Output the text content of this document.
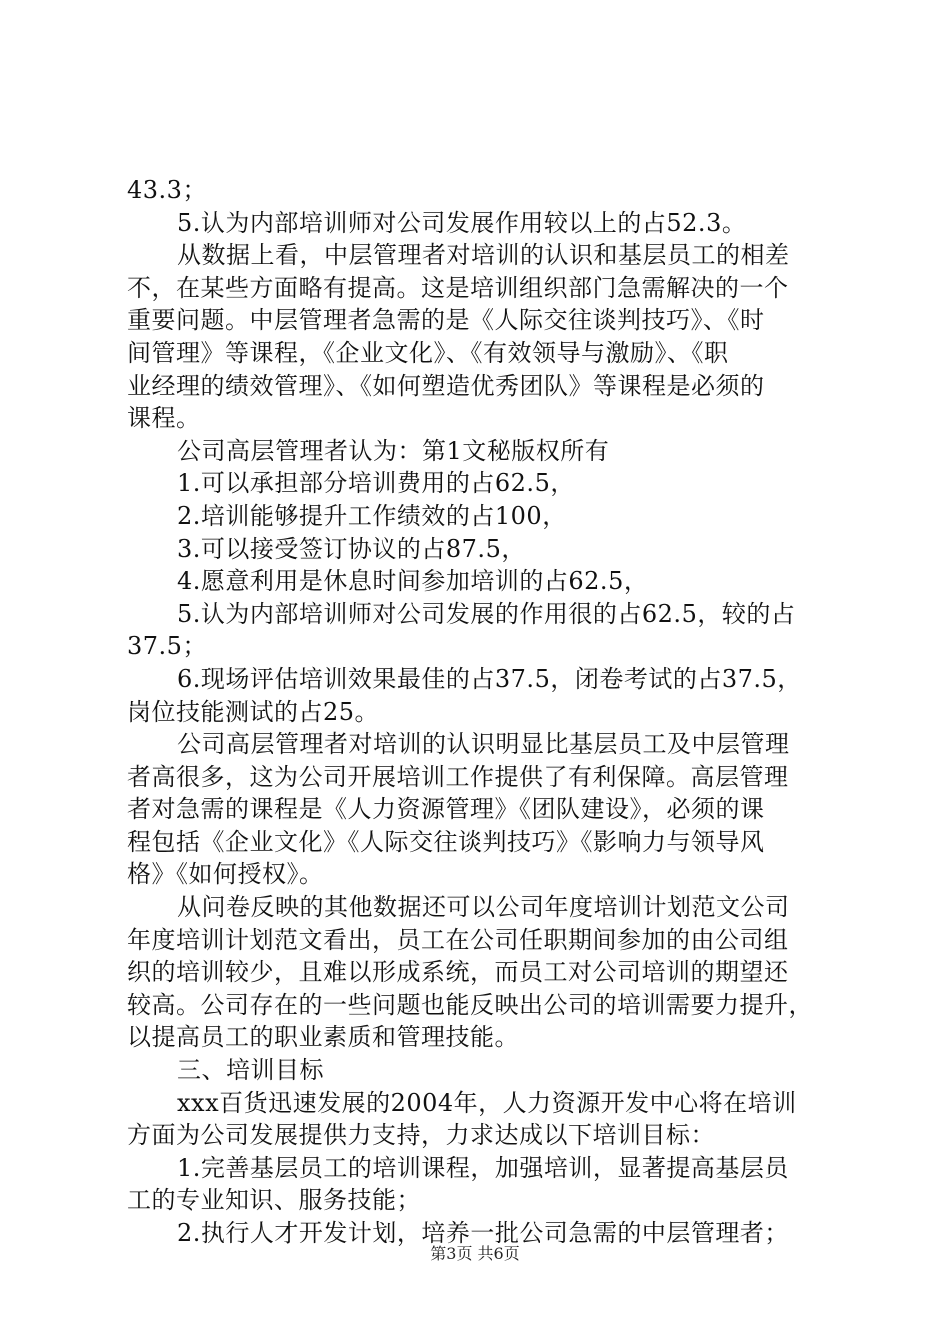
43.3；
5.认为内部培训师对公司发展作用较以上的占52.3。
从数据上看，中层管理者对培训的认识和基层员工的相差
不，在某些方面略有提高。这是培训组织部门急需解决的一个
重要问题。中层管理者急需的是《人际交往谈判技巧》、《时
间管理》等课程，《企业文化》、《有效领导与激励》、《职
业经理的绩效管理》、《如何塑造优秀团队》等课程是必须的
课程。
公司高层管理者认为：第1文秘版权所有
1.可以承担部分培训费用的占62.5，
2.培训能够提升工作绩效的占100，
3.可以接受签订协议的占87.5，
4.愿意利用是休息时间参加培训的占62.5，
5.认为内部培训师对公司发展的作用很的占62.5，较的占
37.5；
6.现场评估培训效果最佳的占37.5，闭卷考试的占37.5，
岗位技能测试的占25。
公司高层管理者对培训的认识明显比基层员工及中层管理
者高很多，这为公司开展培训工作提供了有利保障。高层管理
者对急需的课程是《人力资源管理》《团队建设》，必须的课
程包括《企业文化》《人际交往谈判技巧》《影响力与领导风
格》《如何授权》。
从问卷反映的其他数据还可以公司年度培训计划范文公司
年度培训计划范文看出，员工在公司任职期间参加的由公司组
织的培训较少，且难以形成系统，而员工对公司培训的期望还
较高。公司存在的一些问题也能反映出公司的培训需要力提升，
以提高员工的职业素质和管理技能。
三、培训目标
xxx百货迅速发展的2004年，人力资源开发中心将在培训
方面为公司发展提供力支持，力求达成以下培训目标：
1.完善基层员工的培训课程，加强培训，显著提高基层员
工的专业知识、服务技能；
2.执行人才开发计划，培养一批公司急需的中层管理者；
第3页 共6页
